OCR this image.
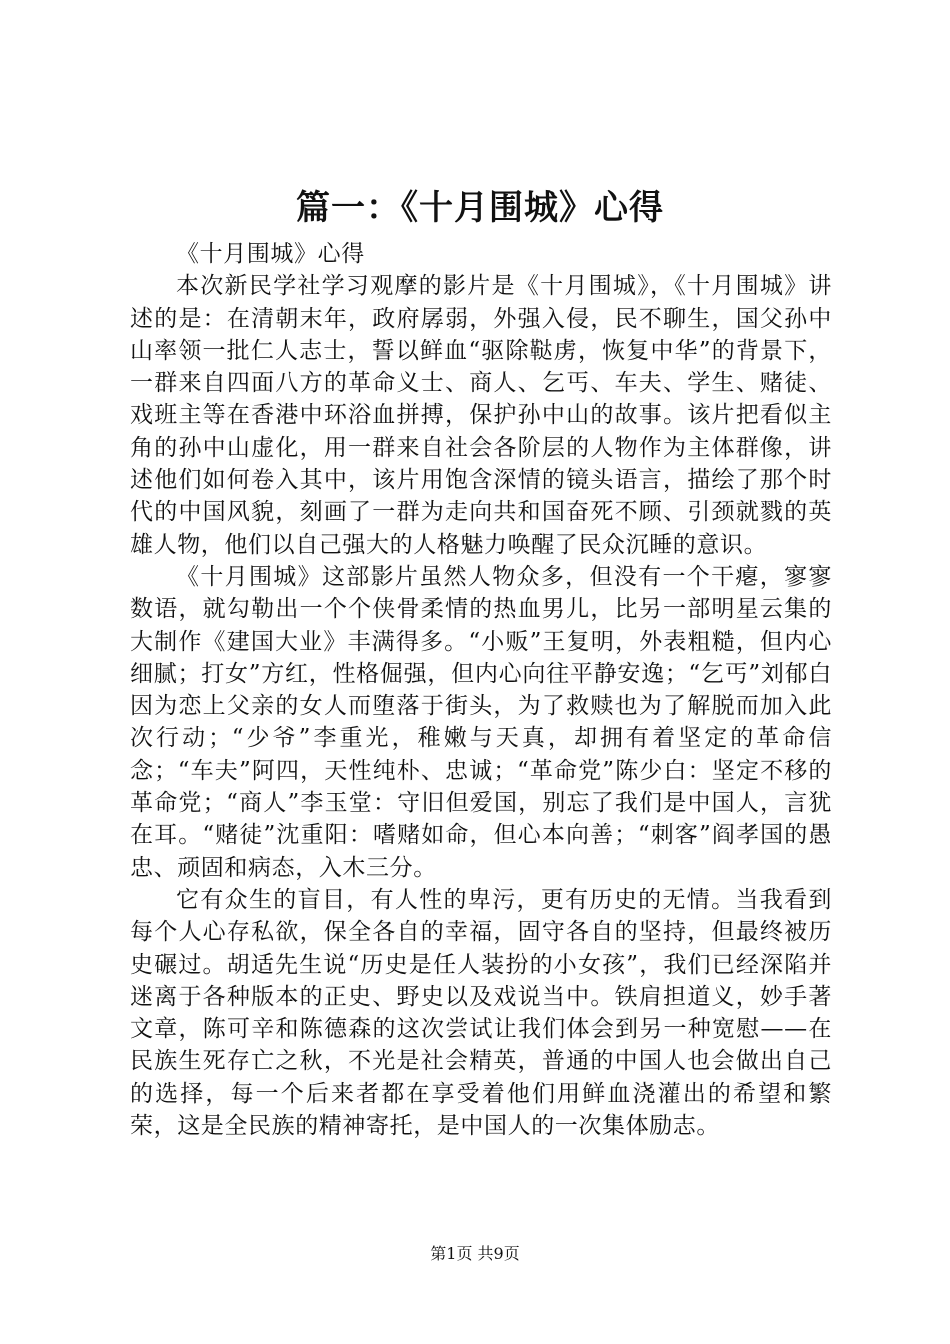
篇一：《十月围城》心得

《十月围城》心得

本次新民学社学习观摩的影片是《十月围城》，《十月围城》讲述的是：在清朝末年，政府孱弱，外强入侵，民不聊生，国父孙中山率领一批仁人志士，誓以鲜血“驱除鞑虏，恢复中华”的背景下，一群来自四面八方的革命义士、商人、乞丐、车夫、学生、赌徒、戏班主等在香港中环浴血拼搏，保护孙中山的故事。该片把看似主角的孙中山虚化，用一群来自社会各阶层的人物作为主体群像，讲述他们如何卷入其中，该片用饱含深情的镜头语言，描绘了那个时代的中国风貌，刻画了一群为走向共和国奋死不顾、引颈就戮的英雄人物，他们以自己强大的人格魅力唤醒了民众沉睡的意识。

《十月围城》这部影片虽然人物众多，但没有一个干瘪，寥寥数语，就勾勒出一个个侠骨柔情的热血男儿，比另一部明星云集的大制作《建国大业》丰满得多。“小贩”王复明，外表粗糙，但内心细腻；打女”方红，性格倔强，但内心向往平静安逸；“乞丐”刘郁白因为恋上父亲的女人而堕落于街头，为了救赎也为了解脱而加入此次行动；“少爷”李重光，稚嫩与天真，却拥有着坚定的革命信念；“车夫”阿四，天性纯朴、忠诚；“革命党”陈少白：坚定不移的革命党；“商人”李玉堂：守旧但爱国，别忘了我们是中国人，言犹在耳。“赌徒”沈重阳：嗜赌如命，但心本向善；“刺客”阎孝国的愚忠、顽固和病态，入木三分。

它有众生的盲目，有人性的卑污，更有历史的无情。当我看到每个人心存私欲，保全各自的幸福，固守各自的坚持，但最终被历史碾过。胡适先生说“历史是任人装扮的小女孩”，我们已经深陷并迷离于各种版本的正史、野史以及戏说当中。铁肩担道义，妙手著文章，陈可辛和陈德森的这次尝试让我们体会到另一种宽慰——在民族生死存亡之秋，不光是社会精英，普通的中国人也会做出自己的选择，每一个后来者都在享受着他们用鲜血浇灌出的希望和繁荣，这是全民族的精神寄托，是中国人的一次集体励志。

第1页 共9页
